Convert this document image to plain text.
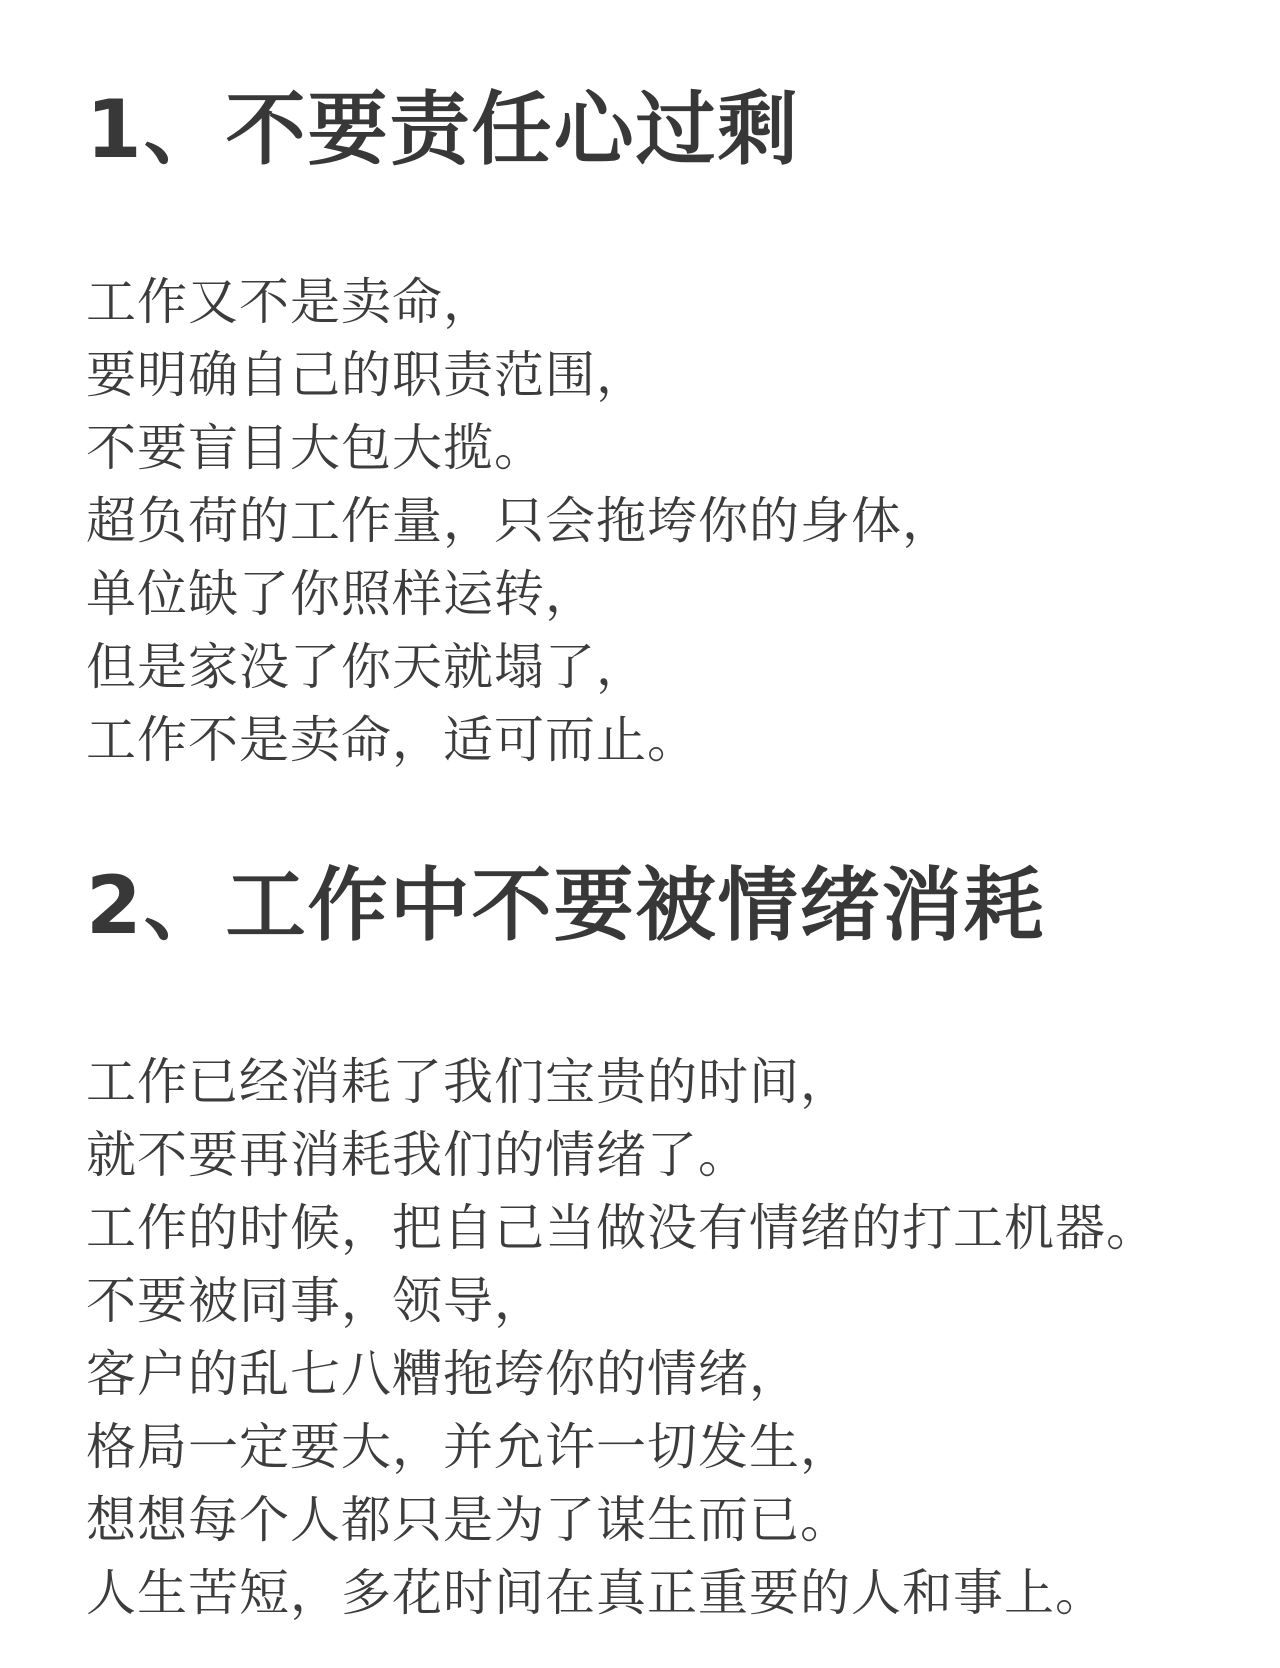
1、不要责任心过剩
工作又不是卖命，
要明确自己的职责范围，
不要盲目大包大揽。
超负荷的工作量，只会拖垮你的身体，
单位缺了你照样运转，
但是家没了你天就塌了，
工作不是卖命，适可而止。
2、工作中不要被情绪消耗
工作已经消耗了我们宝贵的时间，
就不要再消耗我们的情绪了。
工作的时候，把自己当做没有情绪的打工机器。
不要被同事，领导，
客户的乱七八糟拖垮你的情绪，
格局一定要大，并允许一切发生，
想想每个人都只是为了谋生而已。
人生苦短，多花时间在真正重要的人和事上。
